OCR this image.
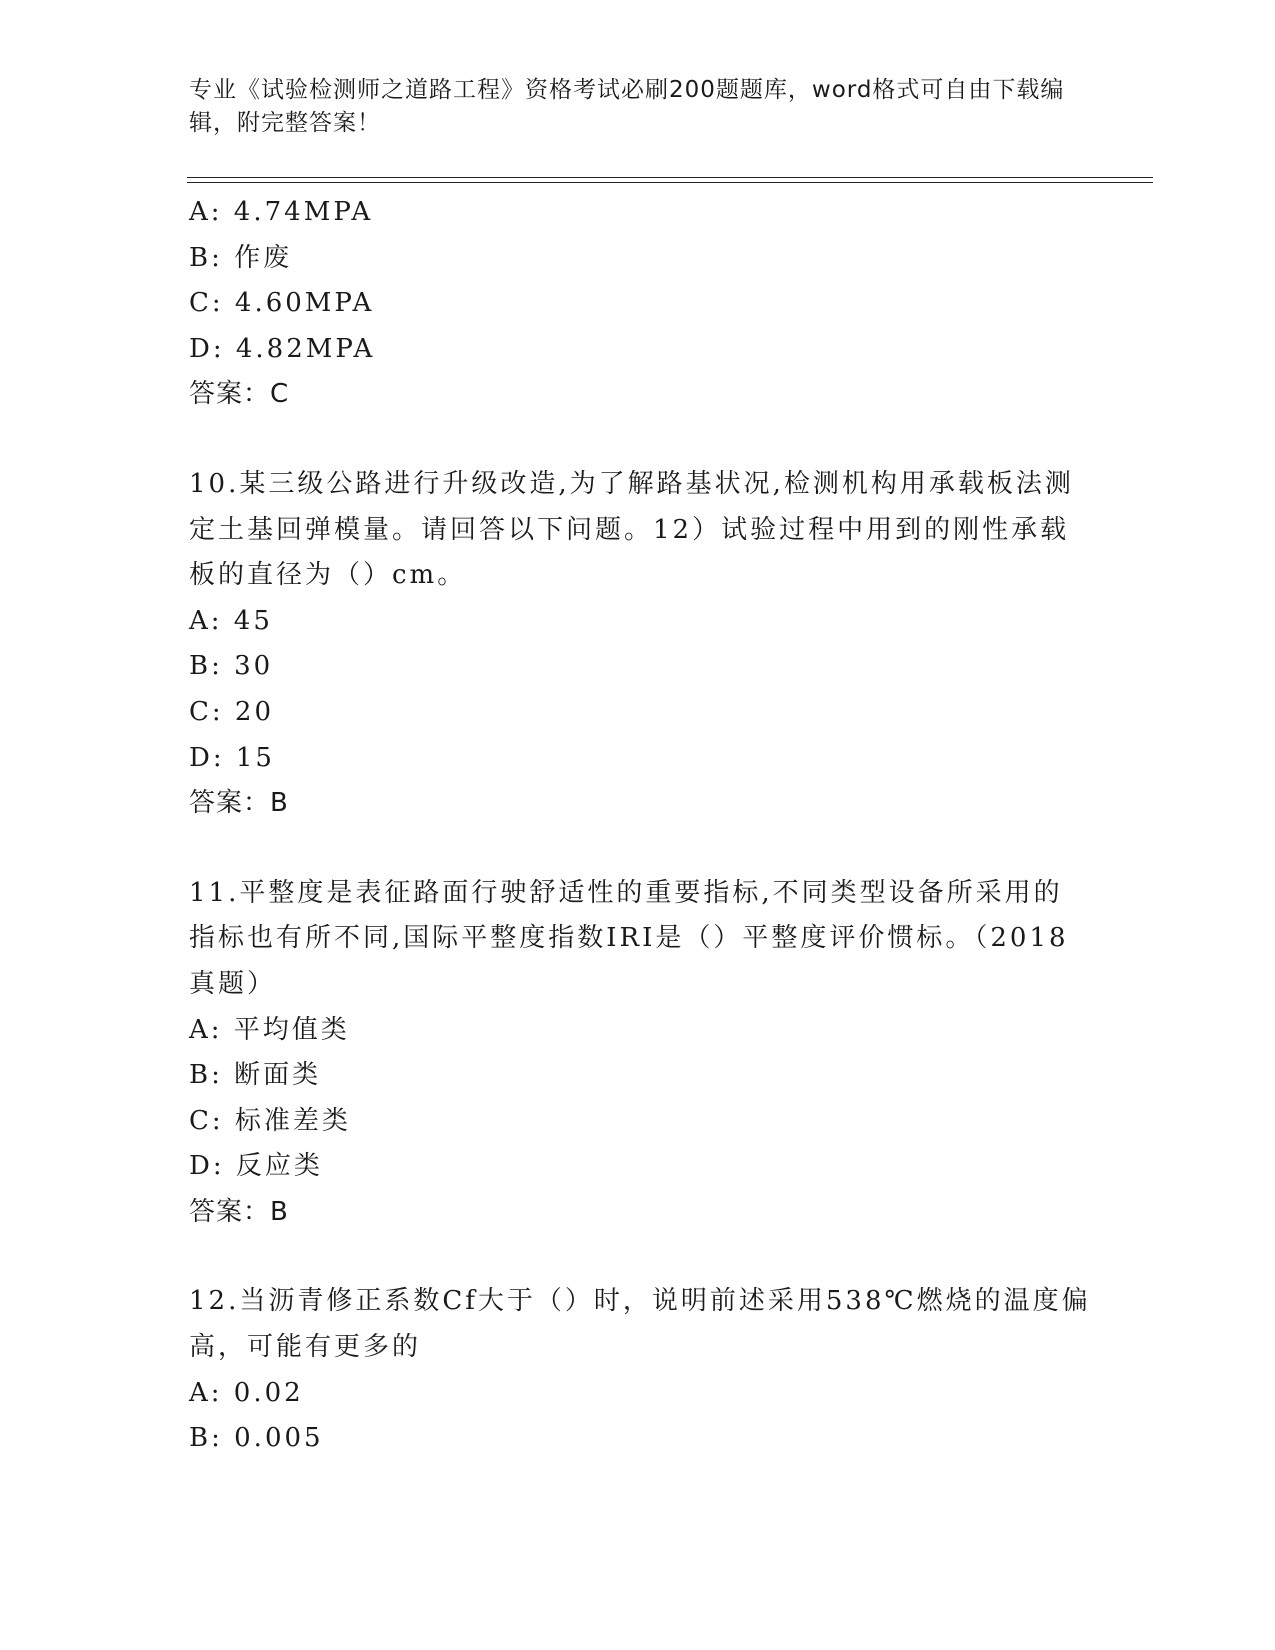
专业《试验检测师之道路工程》资格考试必刷200题题库，word格式可自由下载编辑，附完整答案！
A: 4.74MPA
B: 作废
C: 4.60MPA
D: 4.82MPA
答案：C
10.某三级公路进行升级改造,为了解路基状况,检测机构用承载板法测
定土基回弹模量。请回答以下问题。12）试验过程中用到的刚性承载
板的直径为（）cm。
A: 45
B: 30
C: 20
D: 15
答案：B
11.平整度是表征路面行驶舒适性的重要指标,不同类型设备所采用的
指标也有所不同,国际平整度指数IRI是（）平整度评价惯标。（2018
真题）
A: 平均值类
B: 断面类
C: 标准差类
D: 反应类
答案：B
12.当沥青修正系数Cf大于（）时，说明前述采用538℃燃烧的温度偏
高，可能有更多的
A: 0.02
B: 0.005
